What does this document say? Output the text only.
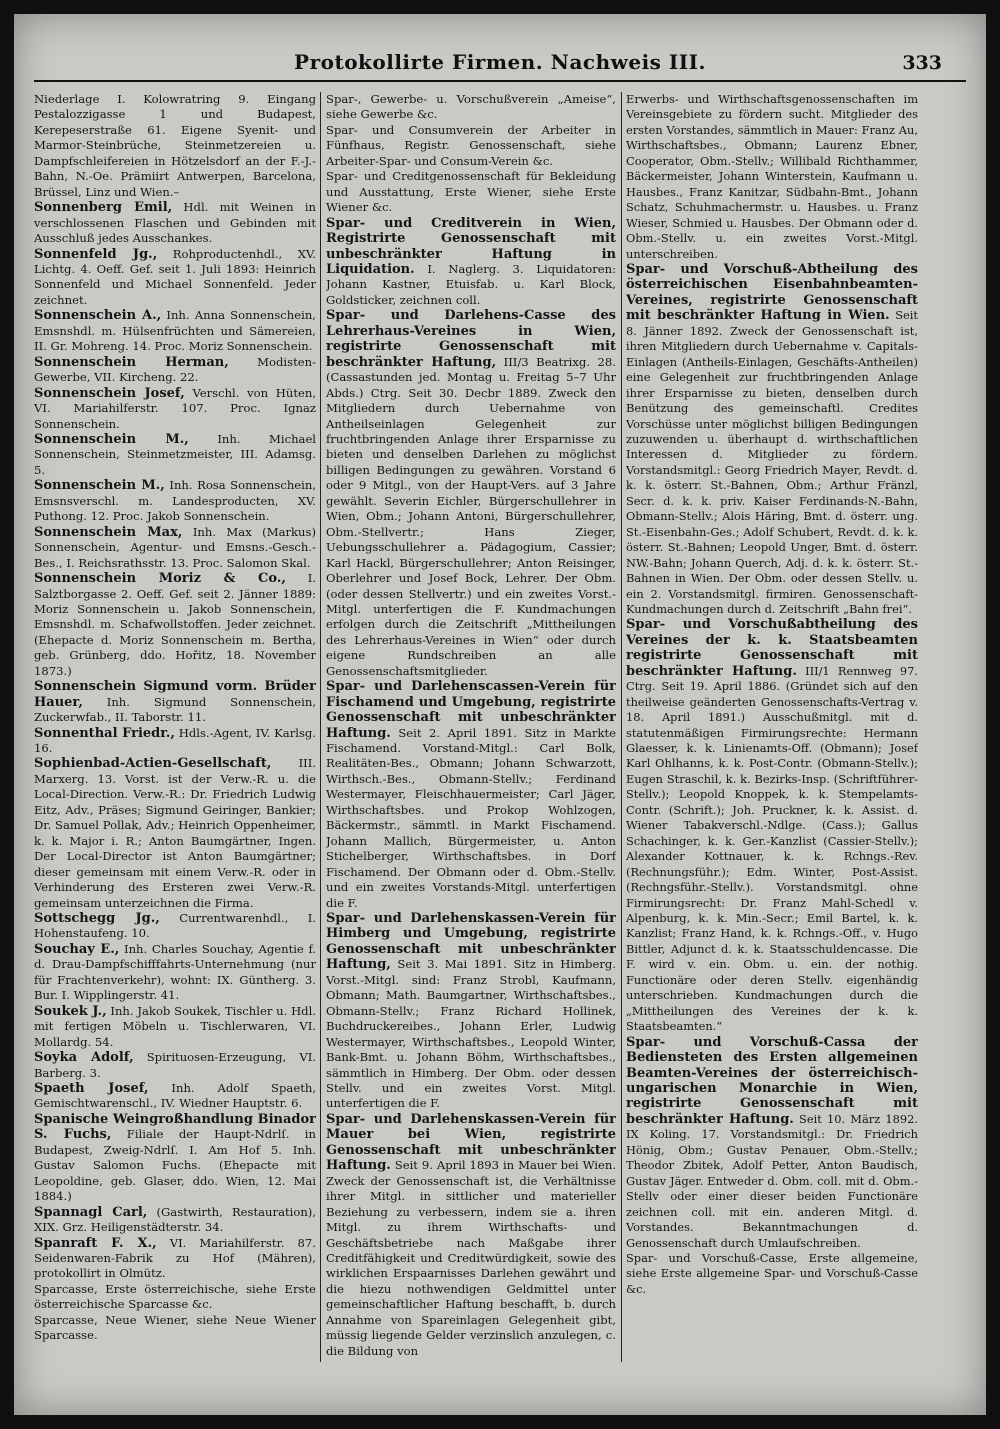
Protokollirte Firmen. Nachweis III.	333

Niederlage I. Kolowratring 9. Eingang Pestalozzigasse 1 und Budapest, Kerepeserstraße 61. Eigene Syenit- und Marmor-Steinbrüche, Steinmetzereien u. Dampfschleifereien in Hötzelsdorf an der F.-J.-Bahn, N.-Oe. Prämiirt Antwerpen, Barcelona, Brüssel, Linz und Wien.–

Sonnenberg Emil, Hdl. mit Weinen in verschlossenen Flaschen und Gebinden mit Ausschluß jedes Ausschankes.

Sonnenfeld Jg., Rohproductenhdl., XV. Lichtg. 4. Oeff. Gef. seit 1. Juli 1893: Heinrich Sonnenfeld und Michael Sonnenfeld. Jeder zeichnet.

Sonnenschein A., Inh. Anna Sonnenschein, Emsnshdl. m. Hülsenfrüchten und Sämereien, II. Gr. Mohreng. 14. Proc. Moriz Sonnenschein.

Sonnenschein Herman, Modisten-Gewerbe, VII. Kircheng. 22.

Sonnenschein Josef, Verschl. von Hüten, VI. Mariahilferstr. 107. Proc. Ignaz Sonnenschein.

Sonnenschein M., Inh. Michael Sonnenschein, Steinmetzmeister, III. Adamsg. 5.

Sonnenschein M., Inh. Rosa Sonnenschein, Emsnsverschl. m. Landesproducten, XV. Puthong. 12. Proc. Jakob Sonnenschein.

Sonnenschein Max, Inh. Max (Markus) Sonnenschein, Agentur- und Emsns.-Gesch.-Bes., I. Reichsrathsstr. 13. Proc. Salomon Skal.

Sonnenschein Moriz & Co., I. Salztborgasse 2. Oeff. Gef. seit 2. Jänner 1889: Moriz Sonnenschein u. Jakob Sonnenschein, Emsnshdl. m. Schafwollstoffen. Jeder zeichnet. (Ehepacte d. Moriz Sonnenschein m. Bertha, geb. Grünberg, ddo. Hořitz, 18. November 1873.)

Sonnenschein Sigmund vorm. Brüder Hauer, Inh. Sigmund Sonnenschein, Zuckerwfab., II. Taborstr. 11.

Sonnenthal Friedr., Hdls.-Agent, IV. Karlsg. 16.

Sophienbad-Actien-Gesellschaft, III. Marxerg. 13. Vorst. ist der Verw.-R. u. die Local-Direction. Verw.-R.: Dr. Friedrich Ludwig Eitz, Adv., Präses; Sigmund Geiringer, Bankier; Dr. Samuel Pollak, Adv.; Heinrich Oppenheimer, k. k. Major i. R.; Anton Baumgärtner, Ingen. Der Local-Director ist Anton Baumgärtner; dieser gemeinsam mit einem Verw.-R. oder in Verhinderung des Ersteren zwei Verw.-R. gemeinsam unterzeichnen die Firma.

Sottschegg Jg., Currentwarenhdl., I. Hohenstaufeng. 10.

Souchay E., Inh. Charles Souchay, Agentie f. d. Drau-Dampfschifffahrts-Unternehmung (nur für Frachtenverkehr), wohnt: IX. Güntherg. 3. Bur. I. Wipplingerstr. 41.

Soukek J., Inh. Jakob Soukek, Tischler u. Hdl. mit fertigen Möbeln u. Tischlerwaren, VI. Mollardg. 54.

Soyka Adolf, Spirituosen-Erzeugung, VI. Barberg. 3.

Spaeth Josef, Inh. Adolf Spaeth, Gemischtwarenschl., IV. Wiedner Hauptstr. 6.

Spanische Weingroßhandlung Binador S. Fuchs, Filiale der Haupt-Ndrlſ. in Budapest, Zweig-Ndrlſ. I. Am Hof 5. Inh. Gustav Salomon Fuchs. (Ehepacte mit Leopoldine, geb. Glaser, ddo. Wien, 12. Mai 1884.)

Spannagl Carl, (Gastwirth, Restauration), XIX. Grz. Heiligenstädterstr. 34.

Spanraft F. X., VI. Mariahilferstr. 87. Seidenwaren-Fabrik zu Hof (Mähren), protokollirt in Olmütz.

Sparcasse, Erste österreichische, siehe Erste österreichische Sparcasse &c.

Sparcasse, Neue Wiener, siehe Neue Wiener Sparcasse.

Spar-, Gewerbe- u. Vorschußverein „Ameise“, siehe Gewerbe &c.

Spar- und Consumverein der Arbeiter in Fünfhaus, Registr. Genossenschaft, siehe Arbeiter-Spar- und Consum-Verein &c.

Spar- und Creditgenossenschaft für Bekleidung und Ausstattung, Erste Wiener, siehe Erste Wiener &c.

Spar- und Creditverein in Wien, Registrirte Genossenschaft mit unbeschränkter Haftung in Liquidation. I. Naglerg. 3. Liquidatoren: Johann Kastner, Etuisfab. u. Karl Block, Goldsticker, zeichnen coll.

Spar- und Darlehens-Casse des Lehrerhaus-Vereines in Wien, registrirte Genossenschaft mit beschränkter Haftung, III/3 Beatrixg. 28. (Cassastunden jed. Montag u. Freitag 5–7 Uhr Abds.) Ctrg. Seit 30. Decbr 1889. Zweck den Mitgliedern durch Uebernahme von Antheilseinlagen Gelegenheit zur fruchtbringenden Anlage ihrer Ersparnisse zu bieten und denselben Darlehen zu möglichst billigen Bedingungen zu gewähren. Vorstand 6 oder 9 Mitgl., von der Haupt-Vers. auf 3 Jahre gewählt. Severin Eichler, Bürgerschullehrer in Wien, Obm.; Johann Antoni, Bürgerschullehrer, Obm.-Stellvertr.; Hans Zieger, Uebungsschullehrer a. Pädagogium, Cassier; Karl Hackl, Bürgerschullehrer; Anton Reisinger, Oberlehrer und Josef Bock, Lehrer. Der Obm. (oder dessen Stellvertr.) und ein zweites Vorst.-Mitgl. unterfertigen die F. Kundmachungen erfolgen durch die Zeitschrift „Mittheilungen des Lehrerhaus-Vereines in Wien“ oder durch eigene Rundschreiben an alle Genossenschaftsmitglieder.

Spar- und Darlehenscassen-Verein für Fischamend und Umgebung, registrirte Genossenschaft mit unbeschränkter Haftung. Seit 2. April 1891. Sitz in Markte Fischamend. Vorstand-Mitgl.: Carl Bolk, Realitäten-Bes., Obmann; Johann Schwarzott, Wirthsch.-Bes., Obmann-Stellv.; Ferdinand Westermayer, Fleischhauermeister; Carl Jäger, Wirthschaftsbes. und Prokop Wohlzogen, Bäckermstr., sämmtl. in Markt Fischamend. Johann Mallich, Bürgermeister, u. Anton Stichelberger, Wirthschaftsbes. in Dorf Fischamend. Der Obmann oder d. Obm.-Stellv. und ein zweites Vorstands-Mitgl. unterfertigen die F.

Spar- und Darlehenskassen-Verein für Himberg und Umgebung, registrirte Genossenschaft mit unbeschränkter Haftung, Seit 3. Mai 1891. Sitz in Himberg. Vorst.-Mitgl. sind: Franz Strobl, Kaufmann, Obmann; Math. Baumgartner, Wirthschaftsbes., Obmann-Stellv.; Franz Richard Hollinek, Buchdruckereibes., Johann Erler, Ludwig Westermayer, Wirthschaftsbes., Leopold Winter, Bank-Bmt. u. Johann Böhm, Wirthschaftsbes., sämmtlich in Himberg. Der Obm. oder dessen Stellv. und ein zweites Vorst. Mitgl. unterfertigen die F.

Spar- und Darlehenskassen-Verein für Mauer bei Wien, registrirte Genossenschaft mit unbeschränkter Haftung. Seit 9. April 1893 in Mauer bei Wien. Zweck der Genossenschaft ist, die Verhältnisse ihrer Mitgl. in sittlicher und materieller Beziehung zu verbessern, indem sie a. ihren Mitgl. zu ihrem Wirthschafts- und Geschäftsbetriebe nach Maßgabe ihrer Creditfähigkeit und Creditwürdigkeit, sowie des wirklichen Erspaarnisses Darlehen gewährt und die hiezu nothwendigen Geldmittel unter gemeinschaftlicher Haftung beschafft, b. durch Annahme von Spareinlagen Gelegenheit gibt, müssig liegende Gelder verzinslich anzulegen, c. die Bildung von

Erwerbs- und Wirthschaftsgenossenschaften im Vereinsgebiete zu fördern sucht. Mitglieder des ersten Vorstandes, sämmtlich in Mauer: Franz Au, Wirthschaftsbes., Obmann; Laurenz Ebner, Cooperator, Obm.-Stellv.; Willibald Richthammer, Bäckermeister, Johann Winterstein, Kaufmann u. Hausbes., Franz Kanitzar, Südbahn-Bmt., Johann Schatz, Schuhmachermstr. u. Hausbes. u. Franz Wieser, Schmied u. Hausbes. Der Obmann oder d. Obm.-Stellv. u. ein zweites Vorst.-Mitgl. unterschreiben.

Spar- und Vorschuß-Abtheilung des österreichischen Eisenbahnbeamten-Vereines, registrirte Genossenschaft mit beschränkter Haftung in Wien. Seit 8. Jänner 1892. Zweck der Genossenschaft ist, ihren Mitgliedern durch Uebernahme v. Capitals-Einlagen (Antheils-Einlagen, Geschäfts-Antheilen) eine Gelegenheit zur fruchtbringenden Anlage ihrer Ersparnisse zu bieten, denselben durch Benützung des gemeinschaftl. Credites Vorschüsse unter möglichst billigen Bedingungen zuzuwenden u. überhaupt d. wirthschaftlichen Interessen d. Mitglieder zu fördern. Vorstandsmitgl.: Georg Friedrich Mayer, Revdt. d. k. k. österr. St.-Bahnen, Obm.; Arthur Fränzl, Secr. d. k. k. priv. Kaiser Ferdinands-N.-Bahn, Obmann-Stellv.; Alois Häring, Bmt. d. österr. ung. St.-Eisenbahn-Ges.; Adolf Schubert, Revdt. d. k. k. österr. St.-Bahnen; Leopold Unger, Bmt. d. österr. NW.-Bahn; Johann Querch, Adj. d. k. k. österr. St.-Bahnen in Wien. Der Obm. oder dessen Stellv. u. ein 2. Vorstandsmitgl. firmiren. Genossenschaft-Kundmachungen durch d. Zeitschrift „Bahn frei“.

Spar- und Vorschußabtheilung des Vereines der k. k. Staatsbeamten registrirte Genossenschaft mit beschränkter Haftung. III/1 Rennweg 97. Ctrg. Seit 19. April 1886. (Gründet sich auf den theilweise geänderten Genossenschafts-Vertrag v. 18. April 1891.) Ausschußmitgl. mit d. statutenmäßigen Firmirungsrechte: Hermann Glaesser, k. k. Linienamts-Off. (Obmann); Josef Karl Ohlhanns, k. k. Post-Contr. (Obmann-Stellv.); Eugen Straschil, k. k. Bezirks-Insp. (Schriftführer-Stellv.); Leopold Knoppek, k. k. Stempelamts-Contr. (Schrift.); Joh. Pruckner, k. k. Assist. d. Wiener Tabakverschl.-Ndlge. (Cass.); Gallus Schachinger, k. k. Ger.-Kanzlist (Cassier-Stellv.); Alexander Kottnauer, k. k. Rchngs.-Rev. (Rechnungsführ.); Edm. Winter, Post-Assist. (Rechngsführ.-Stellv.). Vorstandsmitgl. ohne Firmirungsrecht: Dr. Franz Mahl-Schedl v. Alpenburg, k. k. Min.-Secr.; Emil Bartel, k. k. Kanzlist; Franz Hand, k. k. Rchngs.-Off., v. Hugo Bittler, Adjunct d. k. k. Staatsschuldencasse. Die F. wird v. ein. Obm. u. ein. der nothig. Functionäre oder deren Stellv. eigenhändig unterschrieben. Kundmachungen durch die „Mittheilungen des Vereines der k. k. Staatsbeamten.“

Spar- und Vorschuß-Cassa der Bediensteten des Ersten allgemeinen Beamten-Vereines der österreichisch-ungarischen Monarchie in Wien, registrirte Genossenschaft mit beschränkter Haftung. Seit 10. März 1892. IX Koling. 17. Vorstandsmitgl.: Dr. Friedrich Hönig, Obm.; Gustav Penauer, Obm.-Stellv.; Theodor Zbitek, Adolf Petter, Anton Baudisch, Gustav Jäger. Entweder d. Obm. coll. mit d. Obm.-Stellv oder einer dieser beiden Functionäre zeichnen coll. mit ein. anderen Mitgl. d. Vorstandes. Bekanntmachungen d. Genossenschaft durch Umlaufschreiben.

Spar- und Vorschuß-Casse, Erste allgemeine, siehe Erste allgemeine Spar- und Vorschuß-Casse &c.
